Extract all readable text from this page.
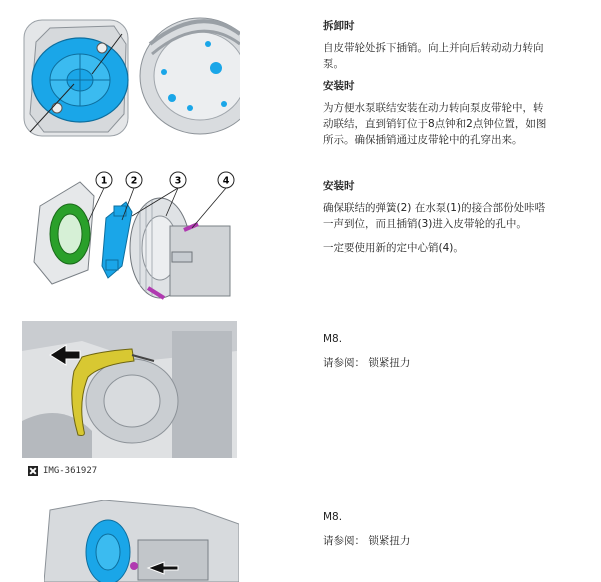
1 2	3	4
IMG-361927
拆卸时

自皮带轮处拆下插销。向上并向后转动动力转向泵。

安装时

为方便水泵联结安装在动力转向泵皮带轮中，转动联结，直到销钉位于8点钟和2点钟位置，如图所示。确保插销通过皮带轮中的孔穿出来。

安装时

确保联结的弹簧(2) 在水泵(1)的接合部份处咔嗒一声到位，而且插销(3)进入皮带轮的孔中。

一定要使用新的定中心销(4)。

M8.

请参阅： 锁紧扭力

M8.

请参阅： 锁紧扭力
